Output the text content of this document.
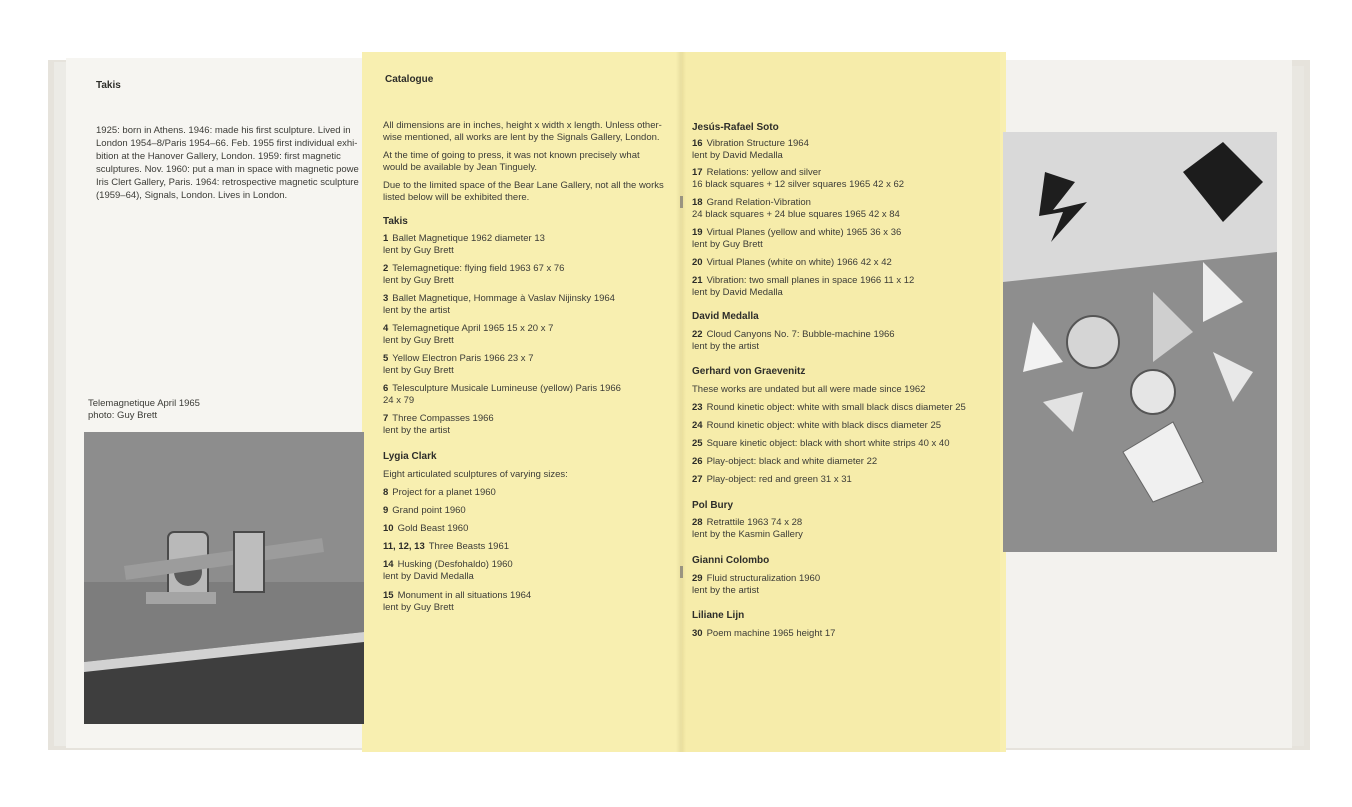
Takis
1925: born in Athens. 1946: made his first sculpture. Lived in
London 1954–8/Paris 1954–66. Feb. 1955 first individual exhi-
bition at the Hanover Gallery, London. 1959: first magnetic
sculptures. Nov. 1960: put a man in space with magnetic powe
Iris Clert Gallery, Paris. 1964: retrospective magnetic sculpture
(1959–64), Signals, London. Lives in London.
Telemagnetique April 1965
photo: Guy Brett
Catalogue
All dimensions are in inches, height x width x length. Unless other-
wise mentioned, all works are lent by the Signals Gallery, London.
At the time of going to press, it was not known precisely what
would be available by Jean Tinguely.
Due to the limited space of the Bear Lane Gallery, not all the works
listed below will be exhibited there.
Takis
1 Ballet Magnetique 1962 diameter 13
lent by Guy Brett
2 Telemagnetique: flying field 1963 67 x 76
lent by Guy Brett
3 Ballet Magnetique, Hommage à Vaslav Nijinsky 1964
lent by the artist
4 Telemagnetique April 1965 15 x 20 x 7
lent by Guy Brett
5 Yellow Electron Paris 1966 23 x 7
lent by Guy Brett
6 Telesculpture Musicale Lumineuse (yellow) Paris 1966
24 x 79
7 Three Compasses 1966
lent by the artist
Lygia Clark
Eight articulated sculptures of varying sizes:
8 Project for a planet 1960
9 Grand point 1960
10 Gold Beast 1960
11, 12, 13 Three Beasts 1961
14 Husking (Desfohaldo) 1960
lent by David Medalla
15 Monument in all situations 1964
lent by Guy Brett
Jesús-Rafael Soto
16 Vibration Structure 1964
lent by David Medalla
17 Relations: yellow and silver
16 black squares + 12 silver squares 1965 42 x 62
18 Grand Relation-Vibration
24 black squares + 24 blue squares 1965 42 x 84
19 Virtual Planes (yellow and white) 1965 36 x 36
lent by Guy Brett
20 Virtual Planes (white on white) 1966 42 x 42
21 Vibration: two small planes in space 1966 11 x 12
lent by David Medalla
David Medalla
22 Cloud Canyons No. 7: Bubble-machine 1966
lent by the artist
Gerhard von Graevenitz
These works are undated but all were made since 1962
23 Round kinetic object: white with small black discs diameter 25
24 Round kinetic object: white with black discs diameter 25
25 Square kinetic object: black with short white strips 40 x 40
26 Play-object: black and white diameter 22
27 Play-object: red and green 31 x 31
Pol Bury
28 Retrattile 1963 74 x 28
lent by the Kasmin Gallery
Gianni Colombo
29 Fluid structuralization 1960
lent by the artist
Liliane Lijn
30 Poem machine 1965 height 17
